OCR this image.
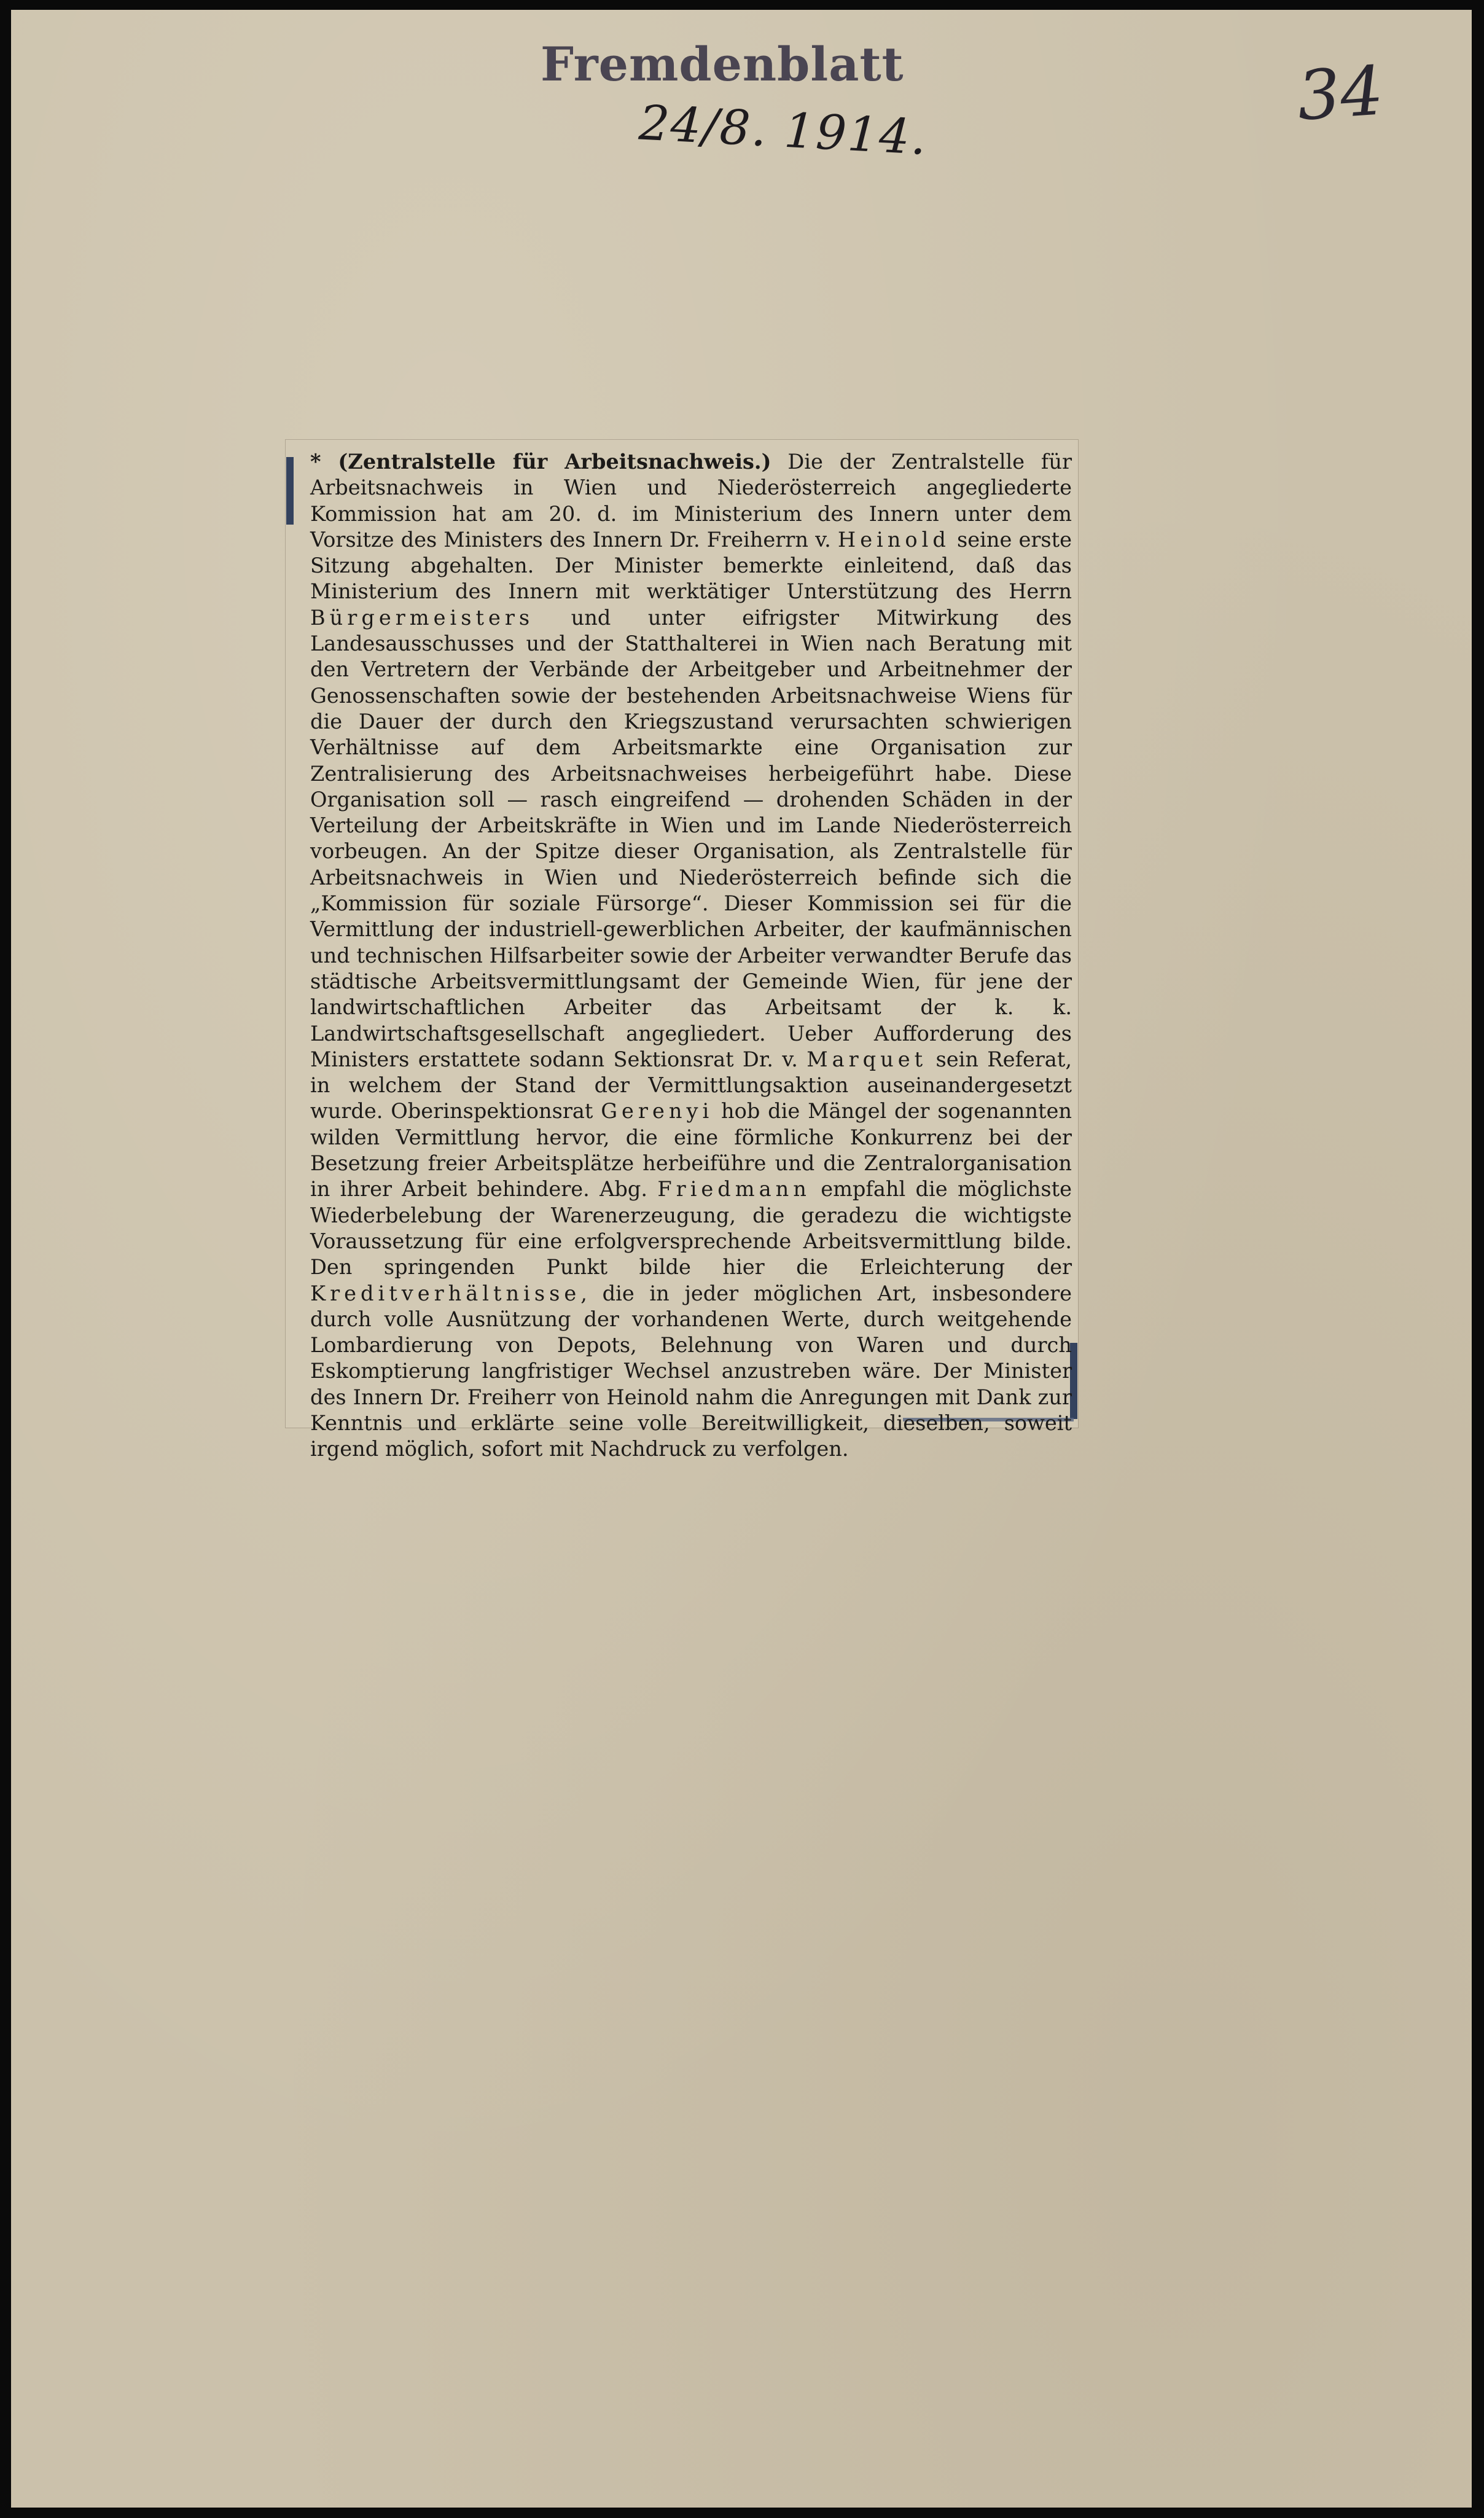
Fremdenblatt
24/8. 1914.	34

* (Zentralstelle für Arbeitsnachweis.) Die der Zentralstelle für Arbeitsnachweis in Wien und Niederösterreich angegliederte Kommission hat am 20. d. im Ministerium des Innern unter dem Vorsitze des Ministers des Innern Dr. Freiherrn v. Heinold seine erste Sitzung abgehalten. Der Minister bemerkte einleitend, daß das Ministerium des Innern mit werktätiger Unterstützung des Herrn Bürgermeisters und unter eifrigster Mitwirkung des Landesausschusses und der Statthalterei in Wien nach Beratung mit den Vertretern der Verbände der Arbeitgeber und Arbeitnehmer der Genossenschaften sowie der bestehenden Arbeitsnachweise Wiens für die Dauer der durch den Kriegszustand verursachten schwierigen Verhältnisse auf dem Arbeitsmarkte eine Organisation zur Zentralisierung des Arbeitsnachweises herbeigeführt habe. Diese Organisation soll — rasch eingreifend — drohenden Schäden in der Verteilung der Arbeitskräfte in Wien und im Lande Niederösterreich vorbeugen. An der Spitze dieser Organisation, als Zentralstelle für Arbeitsnachweis in Wien und Niederösterreich befinde sich die „Kommission für soziale Fürsorge“. Dieser Kommission sei für die Vermittlung der industriell-gewerblichen Arbeiter, der kaufmännischen und technischen Hilfsarbeiter sowie der Arbeiter verwandter Berufe das städtische Arbeitsvermittlungsamt der Gemeinde Wien, für jene der landwirtschaftlichen Arbeiter das Arbeitsamt der k. k. Landwirtschaftsgesellschaft angegliedert. Ueber Aufforderung des Ministers erstattete sodann Sektionsrat Dr. v. Marquet sein Referat, in welchem der Stand der Vermittlungsaktion auseinandergesetzt wurde. Oberinspektionsrat Gerenyi hob die Mängel der sogenannten wilden Vermittlung hervor, die eine förmliche Konkurrenz bei der Besetzung freier Arbeitsplätze herbeiführe und die Zentralorganisation in ihrer Arbeit behindere. Abg. Friedmann empfahl die möglichste Wiederbelebung der Warenerzeugung, die geradezu die wichtigste Voraussetzung für eine erfolgversprechende Arbeitsvermittlung bilde. Den springenden Punkt bilde hier die Erleichterung der Kreditverhältnisse, die in jeder möglichen Art, insbesondere durch volle Ausnützung der vorhandenen Werte, durch weitgehende Lombardierung von Depots, Belehnung von Waren und durch Eskomptierung langfristiger Wechsel anzustreben wäre. Der Minister des Innern Dr. Freiherr von Heinold nahm die Anregungen mit Dank zur Kenntnis und erklärte seine volle Bereitwilligkeit, dieselben, soweit irgend möglich, sofort mit Nachdruck zu verfolgen.
